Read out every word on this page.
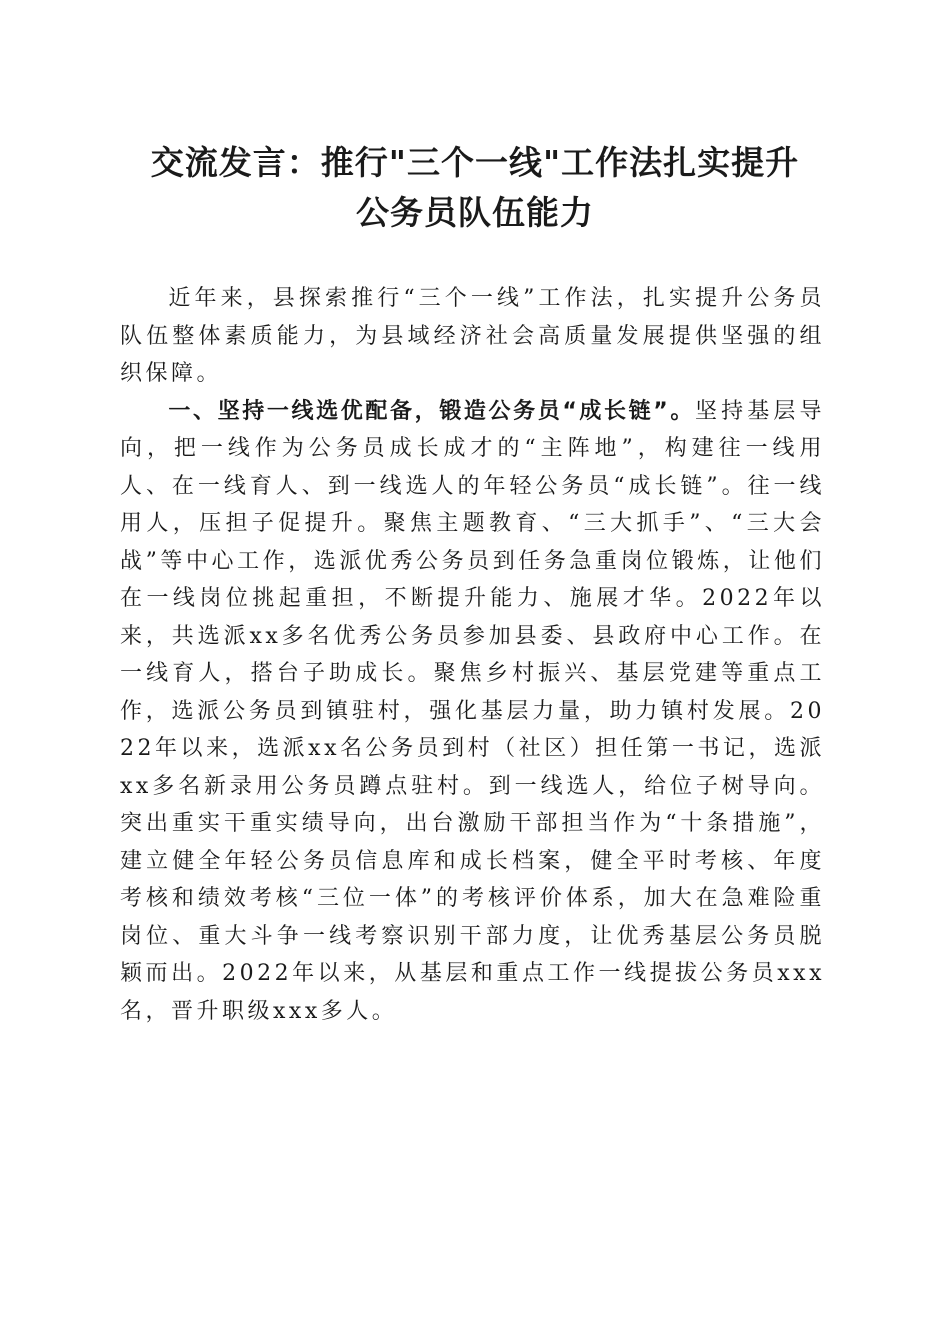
交流发言：推行"三个一线"工作法扎实提升
公务员队伍能力

近年来，县探索推行“三个一线”工作法，扎实提升公务员队伍整体素质能力，为县域经济社会高质量发展提供坚强的组织保障。

一、坚持一线选优配备，锻造公务员“成长链”。坚持基层导向，把一线作为公务员成长成才的“主阵地”，构建往一线用人、在一线育人、到一线选人的年轻公务员“成长链”。往一线用人，压担子促提升。聚焦主题教育、“三大抓手”、“三大会战”等中心工作，选派优秀公务员到任务急重岗位锻炼，让他们在一线岗位挑起重担，不断提升能力、施展才华。2022年以来，共选派xx多名优秀公务员参加县委、县政府中心工作。在一线育人，搭台子助成长。聚焦乡村振兴、基层党建等重点工作，选派公务员到镇驻村，强化基层力量，助力镇村发展。2022年以来，选派xx名公务员到村（社区）担任第一书记，选派xx多名新录用公务员蹲点驻村。到一线选人，给位子树导向。突出重实干重实绩导向，出台激励干部担当作为“十条措施”，建立健全年轻公务员信息库和成长档案，健全平时考核、年度考核和绩效考核“三位一体”的考核评价体系，加大在急难险重岗位、重大斗争一线考察识别干部力度，让优秀基层公务员脱颖而出。2022年以来，从基层和重点工作一线提拔公务员xxx名，晋升职级xxx多人。
